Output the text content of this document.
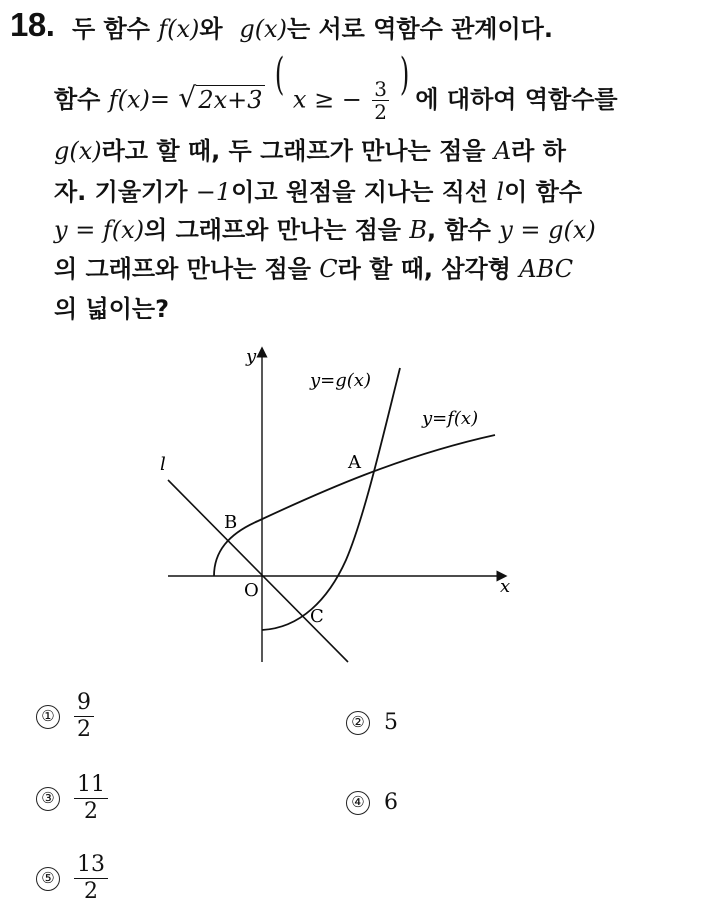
18. 두 함수 f(x)와  g(x)는 서로 역함수 관계이다.
함수 f(x)= √ 2x+3 ( x ≥ − $\frac{3}{2}$
) 에 대하여 역함수를
g(x)라고 할 때, 두 그래프가 만나는 점을 A라 하
자. 기울기가 −1이고 원점을 지나는 직선 l이 함수
y = f(x)의 그래프와 만나는 점을 B, 함수 y = g(x)
의 그래프와 만나는 점을 C라 할 때, 삼각형 ABC
의 넓이는?
y
x
O
A
B
C
l
y=g(x)
y=f(x)
① $\frac{9}{2}$	② 5
③ $\frac{11}{2}$	④ 6
⑤ $\frac{13}{2}$
